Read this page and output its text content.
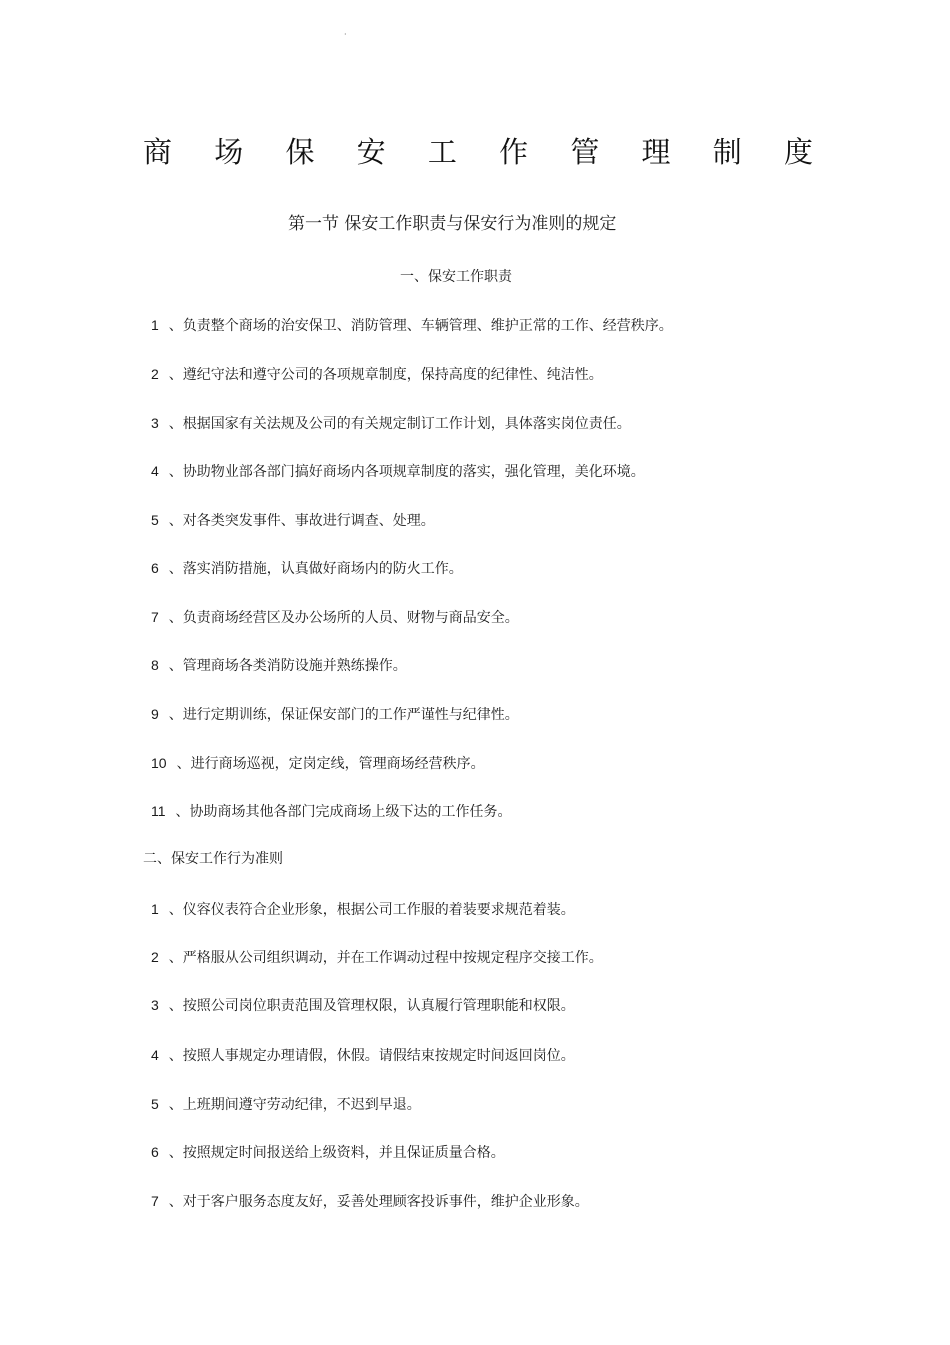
·
商 场 保 安 工 作 管 理 制 度
第一节 保安工作职责与保安行为准则的规定
一、保安工作职责
1 、负责整个商场的治安保卫、消防管理、车辆管理、维护正常的工作、经营秩序。
2 、遵纪守法和遵守公司的各项规章制度，保持高度的纪律性、纯洁性。
3 、根据国家有关法规及公司的有关规定制订工作计划，具体落实岗位责任。
4 、协助物业部各部门搞好商场内各项规章制度的落实，强化管理，美化环境。
5 、对各类突发事件、事故进行调查、处理。
6 、落实消防措施，认真做好商场内的防火工作。
7 、负责商场经营区及办公场所的人员、财物与商品安全。
8 、管理商场各类消防设施并熟练操作。
9 、进行定期训练，保证保安部门的工作严谨性与纪律性。
10 、进行商场巡视，定岗定线，管理商场经营秩序。
11 、协助商场其他各部门完成商场上级下达的工作任务。
二、保安工作行为准则
1 、仪容仪表符合企业形象，根据公司工作服的着装要求规范着装。
2 、严格服从公司组织调动，并在工作调动过程中按规定程序交接工作。
3 、按照公司岗位职责范围及管理权限，认真履行管理职能和权限。
4 、按照人事规定办理请假，休假。请假结束按规定时间返回岗位。
5 、上班期间遵守劳动纪律，不迟到早退。
6 、按照规定时间报送给上级资料，并且保证质量合格。
7 、对于客户服务态度友好，妥善处理顾客投诉事件，维护企业形象。
